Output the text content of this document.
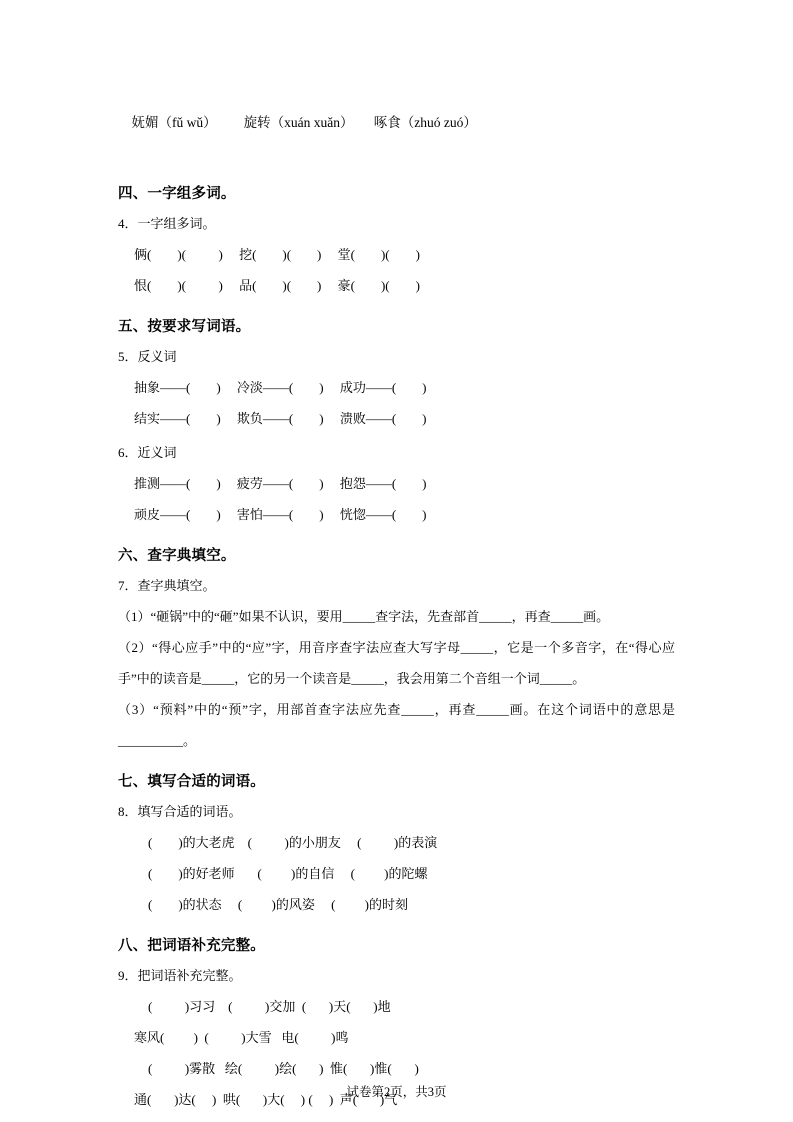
妩媚（fǔ wǔ） 旋转（xuán xuǎn） 啄食（zhuó zuó）

四、一字组多词。
4．一字组多词。
俩(        )(          )     挖(        )(        )     堂(        )(        )
恨(        )(          )     品(        )(        )     豪(        )(        )
五、按要求写词语。
5．反义词
抽象——(        )     冷淡——(        )     成功——(        )
结实——(        )     欺负——(        )     溃败——(        )
6．近义词
推测——(        )     疲劳——(        )     抱怨——(        )
顽皮——(        )     害怕——(        )     恍惚——(        )
六、查字典填空。
7．查字典填空。
（1）“砸锅”中的“砸”如果不认识，要用_____查字法，先查部首_____，再查_____画。
（2）“得心应手”中的“应”字，用音序查字法应查大写字母_____，它是一个多音字，在“得心应手”中的读音是_____，它的另一个读音是_____，我会用第二个音组一个词_____。
（3）“预料”中的“预”字，用部首查字法应先查_____，再查_____画。在这个词语中的意思是__________。
七、填写合适的词语。
8．填写合适的词语。
(        )的大老虎    (          )的小朋友     (          )的表演
(        )的好老师       (         )的自信     (         )的陀螺
(        )的状态     (         )的风姿     (         )的时刻
八、把词语补充完整。
9．把词语补充完整。
(          )习习    (          )交加  (       )天(       )地
寒风(         )  (          )大雪   电(          )鸣
(          )雾散   绘(          )绘(       )  惟(       )惟(       )
通(       )达(     )  哄(       )大(     ) (     )  声(       )气
试卷第2页，共3页
